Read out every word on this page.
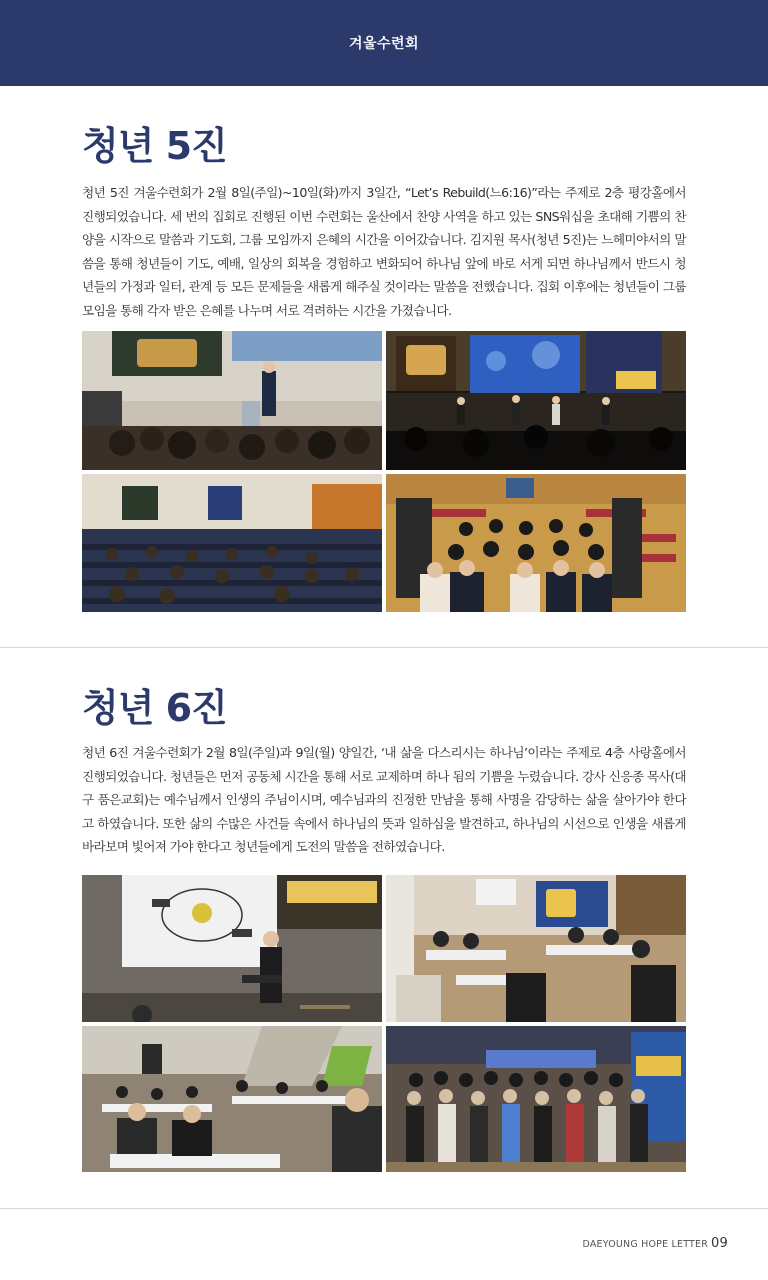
겨울수련회
청년 5진
청년 5진 겨울수련회가 2월 8일(주일)~10일(화)까지 3일간, “Let’s Rebuild(느6:16)”라는 주제로 2층 평강홀에서 진행되었습니다. 세 번의 집회로 진행된 이번 수련회는 울산에서 찬양 사역을 하고 있는 SNS워십을 초대해 기쁨의 찬양을 시작으로 말씀과 기도회, 그룹 모임까지 은혜의 시간을 이어갔습니다. 김지원 목사(청년 5진)는 느헤미야서의 말씀을 통해 청년들이 기도, 예배, 일상의 회복을 경험하고 변화되어 하나님 앞에 바로 서게 되면 하나님께서 반드시 청년들의 가정과 일터, 관계 등 모든 문제들을 새롭게 해주실 것이라는 말씀을 전했습니다. 집회 이후에는 청년들이 그룹 모임을 통해 각자 받은 은혜를 나누며 서로 격려하는 시간을 가졌습니다.
청년 6진
청년 6진 겨울수련회가 2월 8일(주일)과 9일(월) 양일간, ‘내 삶을 다스리시는 하나님’이라는 주제로 4층 사랑홀에서 진행되었습니다. 청년들은 먼저 공동체 시간을 통해 서로 교제하며 하나 됨의 기쁨을 누렸습니다. 강사 신응종 목사(대구 품은교회)는 예수님께서 인생의 주님이시며, 예수님과의 진정한 만남을 통해 사명을 감당하는 삶을 살아가야 한다고 하였습니다. 또한 삶의 수많은 사건들 속에서 하나님의 뜻과 일하심을 발견하고, 하나님의 시선으로 인생을 새롭게 바라보며 빛어져 가야 한다고 청년들에게 도전의 말씀을 전하였습니다.
DAEYOUNG HOPE LETTER 09
